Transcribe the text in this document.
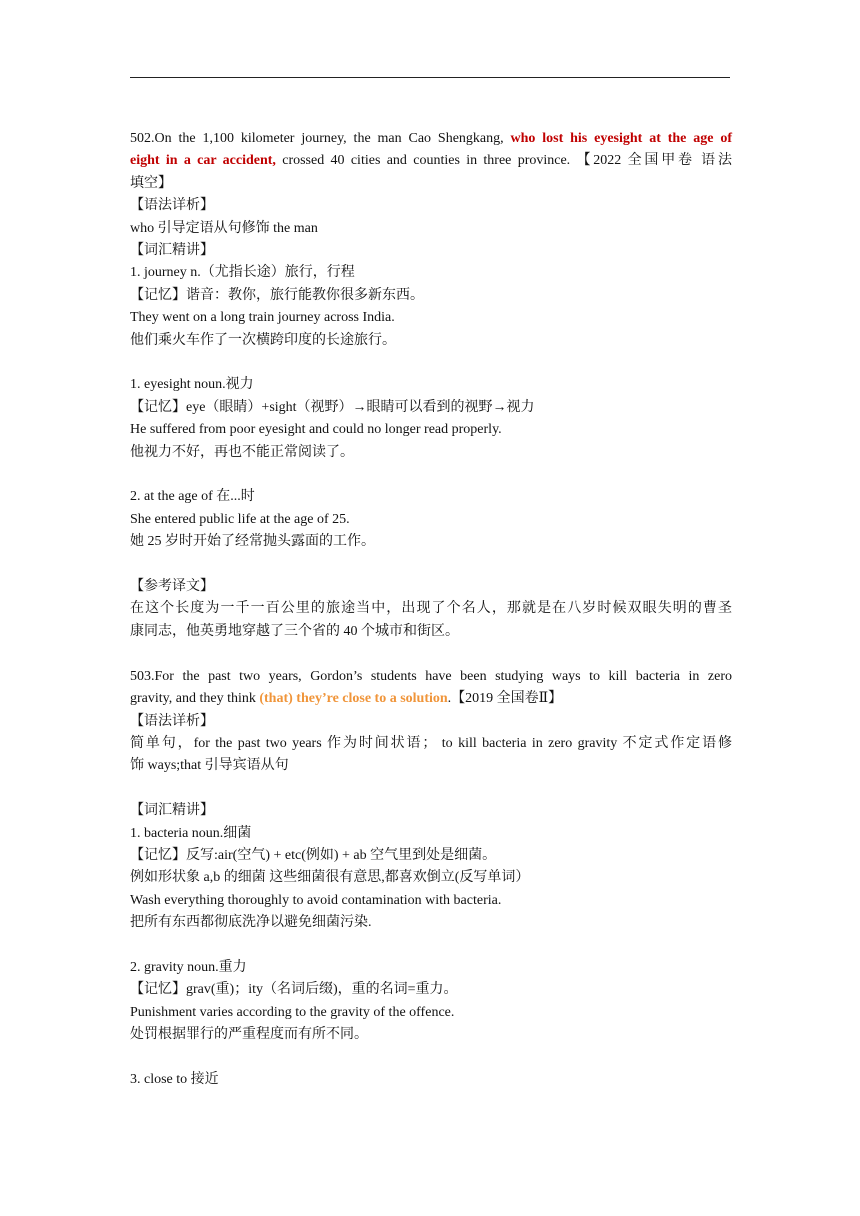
502.On the 1,100 kilometer journey, the man Cao Shengkang, who lost his eyesight at the age of
eight in a car accident, crossed 40 cities and counties in three province. 【2022 全国甲卷 语法
填空】
【语法详析】
who 引导定语从句修饰 the man
【词汇精讲】
1. journey n.（尤指长途）旅行，行程
【记忆】谐音：教你，旅行能教你很多新东西。
They went on a long train journey across India.
他们乘火车作了一次横跨印度的长途旅行。
1. eyesight noun.视力
【记忆】eye（眼睛）+sight（视野）→眼睛可以看到的视野→视力
He suffered from poor eyesight and could no longer read properly.
他视力不好，再也不能正常阅读了。
2. at the age of 在...时
She entered public life at the age of 25.
她 25 岁时开始了经常抛头露面的工作。
【参考译文】
在这个长度为一千一百公里的旅途当中，出现了个名人，那就是在八岁时候双眼失明的曹圣
康同志，他英勇地穿越了三个省的 40 个城市和街区。
503.For the past two years, Gordon’s students have been studying ways to kill bacteria in zero
gravity, and they think (that) they’re close to a solution.【2019 全国卷Ⅱ】
【语法详析】
简单句，for the past two years 作为时间状语； to kill bacteria in zero gravity 不定式作定语修
饰 ways;that 引导宾语从句
【词汇精讲】
1. bacteria noun.细菌
【记忆】反写:air(空气) + etc(例如) + ab 空气里到处是细菌。
例如形状象 a,b 的细菌 这些细菌很有意思,都喜欢倒立(反写单词）
Wash everything thoroughly to avoid contamination with bacteria.
把所有东西都彻底洗净以避免细菌污染.
2. gravity noun.重力
【记忆】grav(重)；ity（名词后缀)，重的名词=重力。
Punishment varies according to the gravity of the offence.
处罚根据罪行的严重程度而有所不同。
3. close to 接近
